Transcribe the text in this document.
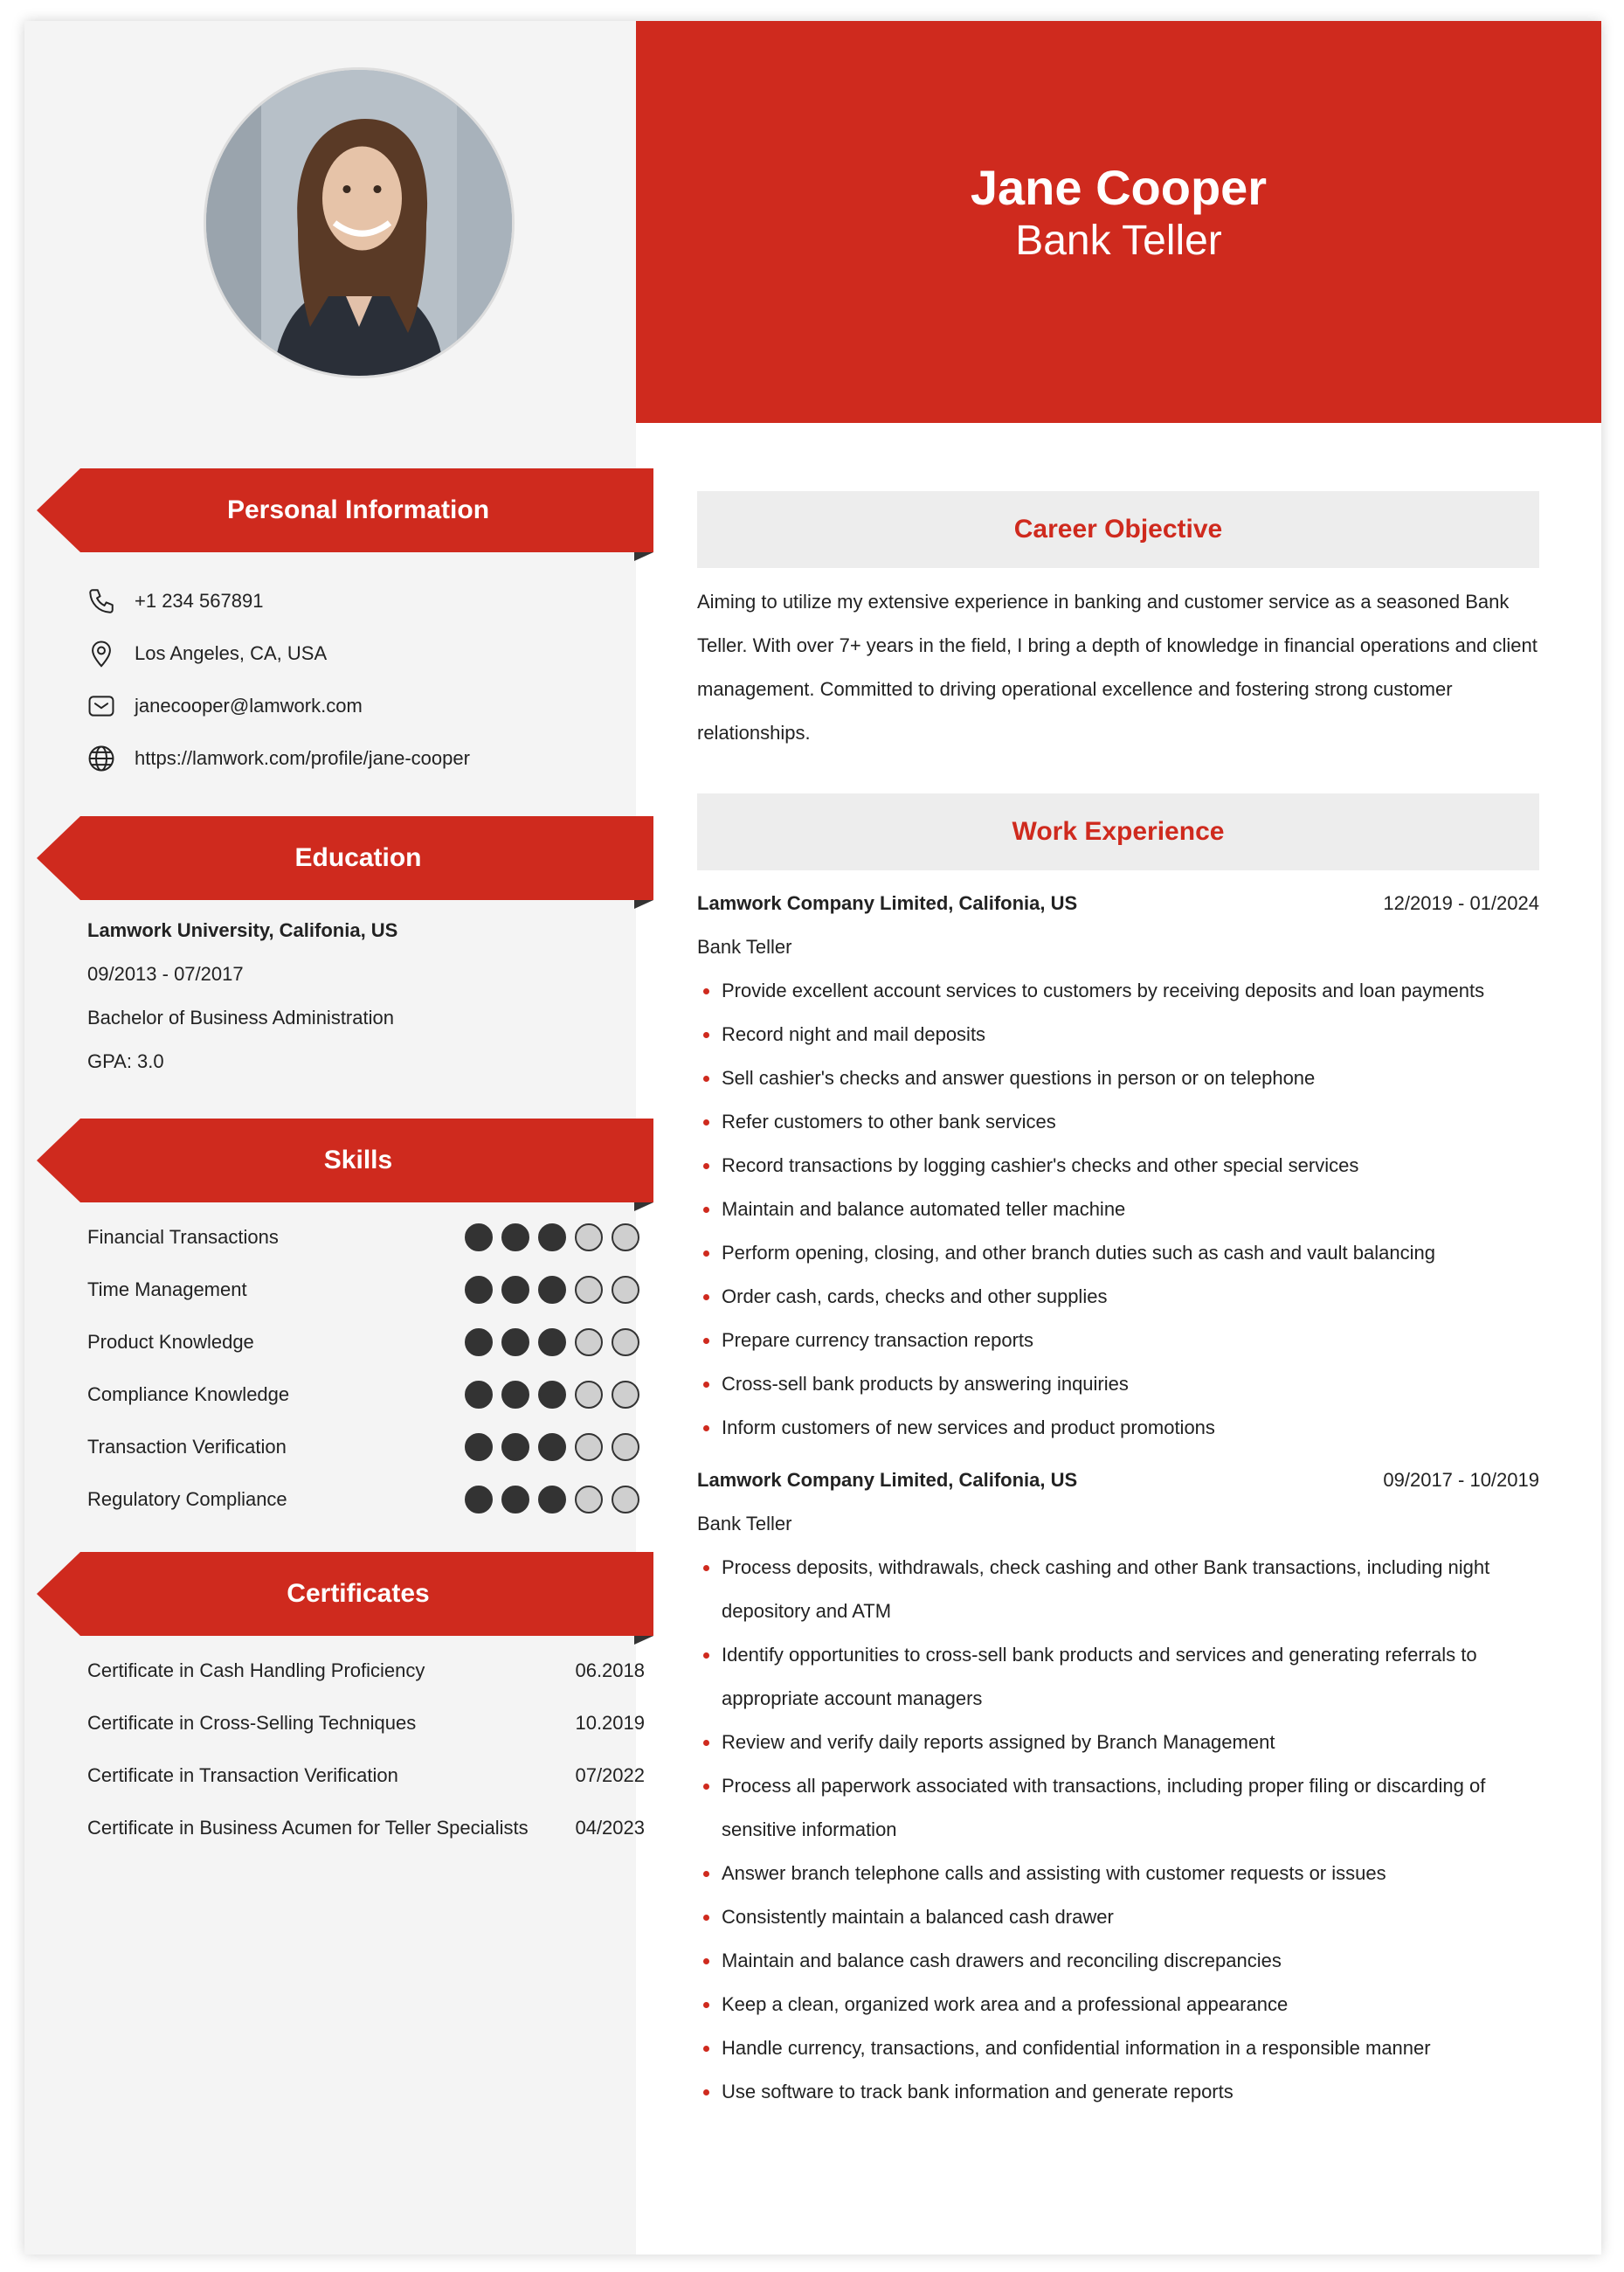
Personal Information
+1 234 567891
Los Angeles, CA, USA
janecooper@lamwork.com
https://lamwork.com/profile/jane-cooper
Education
Lamwork University, Califonia, US
09/2013 - 07/2017
Bachelor of Business Administration
GPA: 3.0
Skills
Financial Transactions
Time Management
Product Knowledge
Compliance Knowledge
Transaction Verification
Regulatory Compliance
Certificates
Certificate in Cash Handling Proficiency	06.2018
Certificate in Cross-Selling Techniques	10.2019
Certificate in Transaction Verification	07/2022
Certificate in Business Acumen for Teller Specialists	04/2023
Jane Cooper
Bank Teller
Career Objective
Aiming to utilize my extensive experience in banking and customer service as a seasoned Bank Teller. With over 7+ years in the field, I bring a depth of knowledge in financial operations and client management. Committed to driving operational excellence and fostering strong customer relationships.
Work Experience
Lamwork Company Limited, Califonia, US	12/2019 - 01/2024
Bank Teller
Provide excellent account services to customers by receiving deposits and loan payments
Record night and mail deposits
Sell cashier's checks and answer questions in person or on telephone
Refer customers to other bank services
Record transactions by logging cashier's checks and other special services
Maintain and balance automated teller machine
Perform opening, closing, and other branch duties such as cash and vault balancing
Order cash, cards, checks and other supplies
Prepare currency transaction reports
Cross-sell bank products by answering inquiries
Inform customers of new services and product promotions
Lamwork Company Limited, Califonia, US	09/2017 - 10/2019
Bank Teller
Process deposits, withdrawals, check cashing and other Bank transactions, including night depository and ATM
Identify opportunities to cross-sell bank products and services and generating referrals to appropriate account managers
Review and verify daily reports assigned by Branch Management
Process all paperwork associated with transactions, including proper filing or discarding of sensitive information
Answer branch telephone calls and assisting with customer requests or issues
Consistently maintain a balanced cash drawer
Maintain and balance cash drawers and reconciling discrepancies
Keep a clean, organized work area and a professional appearance
Handle currency, transactions, and confidential information in a responsible manner
Use software to track bank information and generate reports
